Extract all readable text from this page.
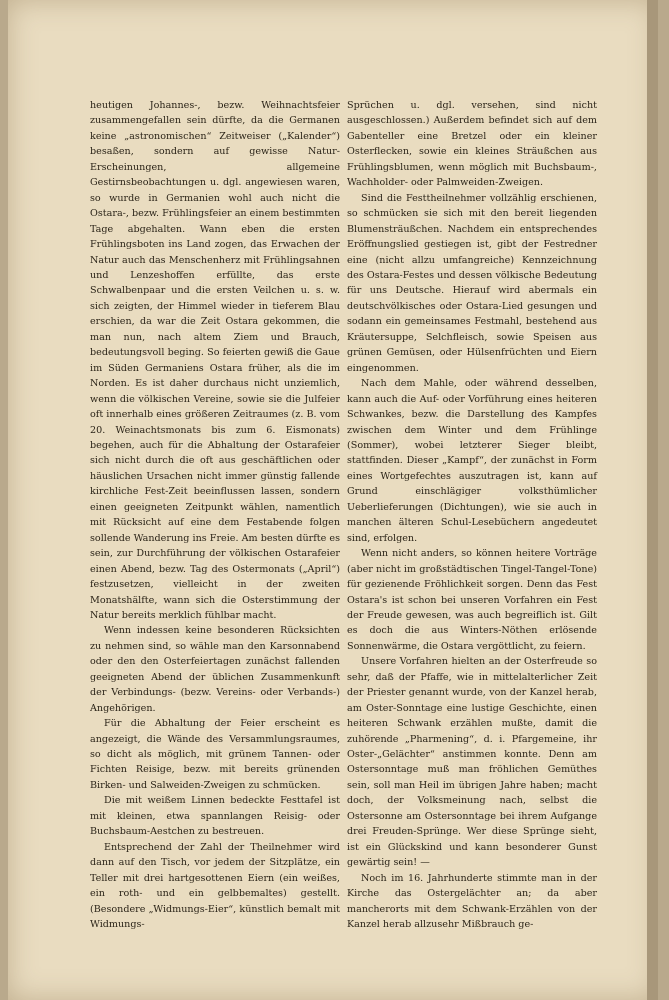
heutigen Johannes-, bezw. Weihnachtsfeier zusammengefallen sein dürfte, da die Germanen keine „astronomischen“ Zeitweiser („Kalender“) besaßen, sondern auf gewisse Natur-Erscheinungen, allgemeine Gestirnsbeobachtungen u. dgl. angewiesen waren, so wurde in Germanien wohl auch nicht die Ostara-, bezw. Frühlingsfeier an einem bestimmten Tage abgehalten. Wann eben die ersten Frühlingsboten ins Land zogen, das Erwachen der Natur auch das Menschenherz mit Frühlingsahnen und Lenzeshoffen erfüllte, das erste Schwalbenpaar und die ersten Veilchen u. s. w. sich zeigten, der Himmel wieder in tieferem Blau erschien, da war die Zeit Ostara gekommen, die man nun, nach altem Ziem und Brauch, bedeutungsvoll beging. So feierten gewiß die Gaue im Süden Germaniens Ostara früher, als die im Norden. Es ist daher durchaus nicht unziemlich, wenn die völkischen Vereine, sowie sie die Julfeier oft innerhalb eines größeren Zeitraumes (z. B. vom 20. Weinachtsmonats bis zum 6. Eismonats) begehen, auch für die Abhaltung der Ostarafeier sich nicht durch die oft aus geschäftlichen oder häuslichen Ursachen nicht immer günstig fallende kirchliche Fest-Zeit beeinflussen lassen, sondern einen geeigneten Zeitpunkt wählen, namentlich mit Rücksicht auf eine dem Festabende folgen sollende Wanderung ins Freie. Am besten dürfte es sein, zur Durchführung der völkischen Ostarafeier einen Abend, bezw. Tag des Ostermonats („April“) festzusetzen, vielleicht in der zweiten Monatshälfte, wann sich die Osterstimmung der Natur bereits merklich fühlbar macht.

Wenn indessen keine besonderen Rücksichten zu nehmen sind, so wähle man den Karsonnabend oder den den Osterfeiertagen zunächst fallenden geeigneten Abend der üblichen Zusammenkunft der Verbindungs- (bezw. Vereins- oder Verbands-) Angehörigen.

Für die Abhaltung der Feier erscheint es angezeigt, die Wände des Versammlungsraumes, so dicht als möglich, mit grünem Tannen- oder Fichten Reisige, bezw. mit bereits grünenden Birken- und Salweiden-Zweigen zu schmücken.

Die mit weißem Linnen bedeckte Festtafel ist mit kleinen, etwa spannlangen Reisig- oder Buchsbaum-Aestchen zu bestreuen.

Entsprechend der Zahl der Theilnehmer wird dann auf den Tisch, vor jedem der Sitzplätze, ein Teller mit drei hartgesottenen Eiern (ein weißes, ein roth- und ein gelbbemaltes) gestellt. (Besondere „Widmungs-Eier“, künstlich bemalt mit Widmungs-

Sprüchen u. dgl. versehen, sind nicht ausgeschlossen.) Außerdem befindet sich auf dem Gabenteller eine Bretzel oder ein kleiner Osterflecken, sowie ein kleines Sträußchen aus Frühlingsblumen, wenn möglich mit Buchsbaum-, Wachholder- oder Palmweiden-Zweigen.

Sind die Festtheilnehmer vollzählig erschienen, so schmücken sie sich mit den bereit liegenden Blumensträußchen. Nachdem ein entsprechendes Eröffnungslied gestiegen ist, gibt der Festredner eine (nicht allzu umfangreiche) Kennzeichnung des Ostara-Festes und dessen völkische Bedeutung für uns Deutsche. Hierauf wird abermals ein deutschvölkisches oder Ostara-Lied gesungen und sodann ein gemeinsames Festmahl, bestehend aus Kräutersuppe, Selchfleisch, sowie Speisen aus grünen Gemüsen, oder Hülsenfrüchten und Eiern eingenommen.

Nach dem Mahle, oder während desselben, kann auch die Auf- oder Vorführung eines heiteren Schwankes, bezw. die Darstellung des Kampfes zwischen dem Winter und dem Frühlinge (Sommer), wobei letzterer Sieger bleibt, stattfinden. Dieser „Kampf“, der zunächst in Form eines Wortgefechtes auszutragen ist, kann auf Grund einschlägiger volksthümlicher Ueberlieferungen (Dichtungen), wie sie auch in manchen älteren Schul-Lesebüchern angedeutet sind, erfolgen.

Wenn nicht anders, so können heitere Vorträge (aber nicht im großstädtischen Tingel-Tangel-Tone) für gezienende Fröhlichkeit sorgen. Denn das Fest Ostara's ist schon bei unseren Vorfahren ein Fest der Freude gewesen, was auch begreiflich ist. Gilt es doch die aus Winters-Nöthen erlösende Sonnenwärme, die Ostara vergöttlicht, zu feiern.

Unsere Vorfahren hielten an der Osterfreude so sehr, daß der Pfaffe, wie in mittelalterlicher Zeit der Priester genannt wurde, von der Kanzel herab, am Oster-Sonntage eine lustige Geschichte, einen heiteren Schwank erzählen mußte, damit die zuhörende „Pharmening“, d. i. Pfargemeine, ihr Oster-„Gelächter“ anstimmen konnte. Denn am Ostersonntage muß man fröhlichen Gemüthes sein, soll man Heil im übrigen Jahre haben; macht doch, der Volksmeinung nach, selbst die Ostersonne am Ostersonntage bei ihrem Aufgange drei Freuden-Sprünge. Wer diese Sprünge sieht, ist ein Glückskind und kann besonderer Gunst gewärtig sein! —

Noch im 16. Jahrhunderte stimmte man in der Kirche das Ostergelächter an; da aber mancherorts mit dem Schwank-Erzählen von der Kanzel herab allzusehr Mißbrauch ge-
